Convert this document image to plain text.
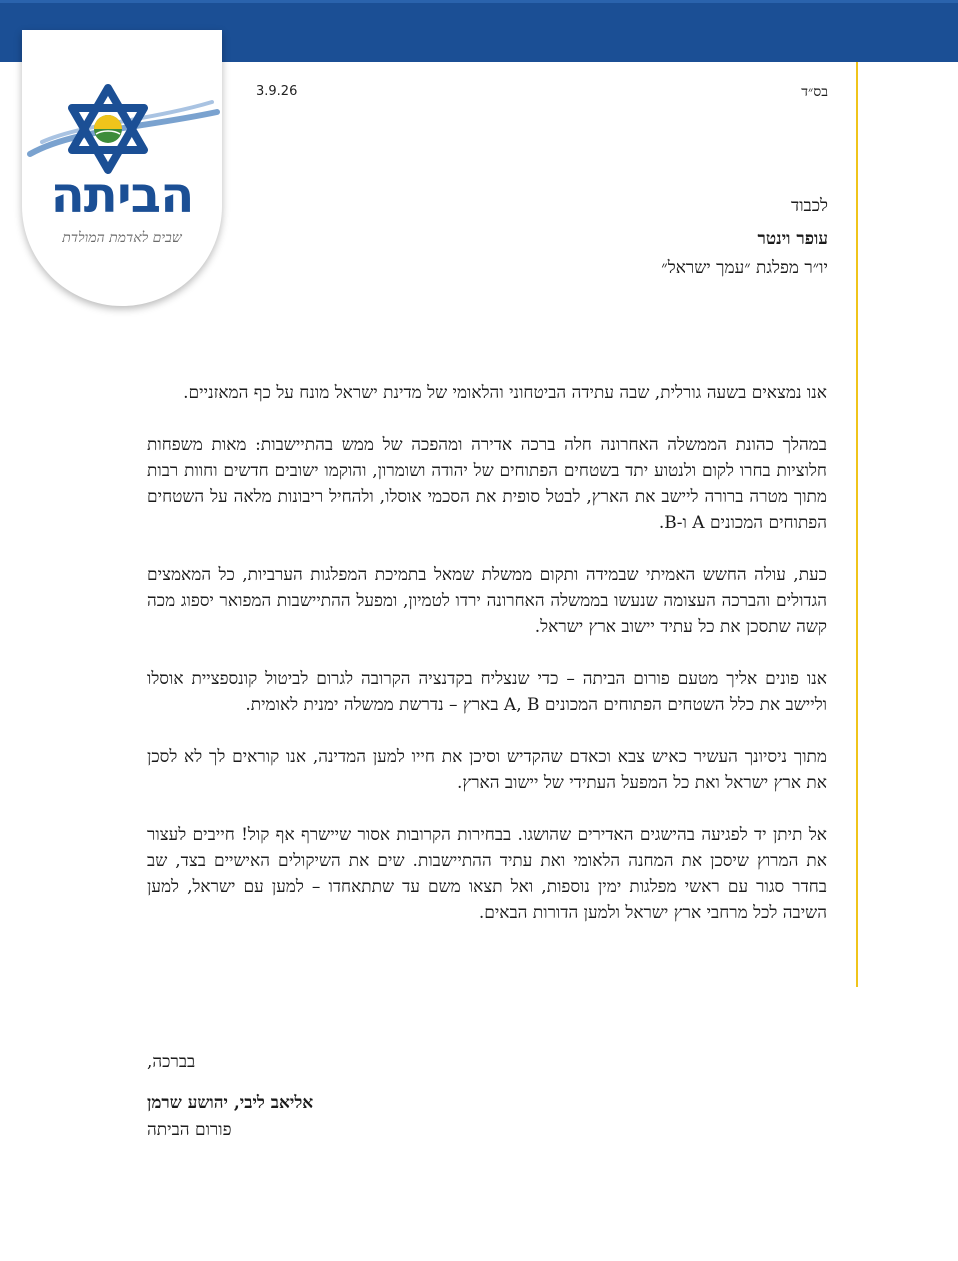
הביתה
שבים לאדמת המולדת
3.9.26	בס״ד
לכבוד
עופר וינטר
יו״ר מפלגת ״עמך ישראל״

אנו נמצאים בשעה גורלית, שבה עתידה הביטחוני והלאומי של מדינת ישראל מונח על כף המאזניים.

במהלך כהונת הממשלה האחרונה חלה ברכה אדירה ומהפכה של ממש בהתיישבות: מאות משפחות חלוציות בחרו לקום ולנטוע יתד בשטחים הפתוחים של יהודה ושומרון, והוקמו ישובים חדשים וחוות רבות מתוך מטרה ברורה ליישב את הארץ, לבטל סופית את הסכמי אוסלו, ולהחיל ריבונות מלאה על השטחים הפתוחים המכונים A ו-B.

כעת, עולה החשש האמיתי שבמידה ותקום ממשלת שמאל בתמיכת המפלגות הערביות, כל המאמצים הגדולים והברכה העצומה שנעשו בממשלה האחרונה ירדו לטמיון, ומפעל ההתיישבות המפואר יספוג מכה קשה שתסכן את כל עתיד יישוב ארץ ישראל.

אנו פונים אליך מטעם פורום הביתה – כדי שנצליח בקדנציה הקרובה לגרום לביטול קונספציית אוסלו וליישב את כלל השטחים הפתוחים המכונים A, B בארץ – נדרשת ממשלה ימנית לאומית.

מתוך ניסיונך העשיר כאיש צבא וכאדם שהקדיש וסיכן את חייו למען המדינה, אנו קוראים לך לא לסכן את ארץ ישראל ואת כל המפעל העתידי של יישוב הארץ.

אל תיתן יד לפגיעה בהישגים האדירים שהושגו. בבחירות הקרובות אסור שיישרף אף קול! חייבים לעצור את המרוץ שיסכן את המחנה הלאומי ואת עתיד ההתיישבות. שים את השיקולים האישיים בצד, שב בחדר סגור עם ראשי מפלגות ימין נוספות, ואל תצאו משם עד שתתאחדו – למען עם ישראל, למען השיבה לכל מרחבי ארץ ישראל ולמען הדורות הבאים.

בברכה,
אליאב ליבי, יהושע שרמן
פורום הביתה
